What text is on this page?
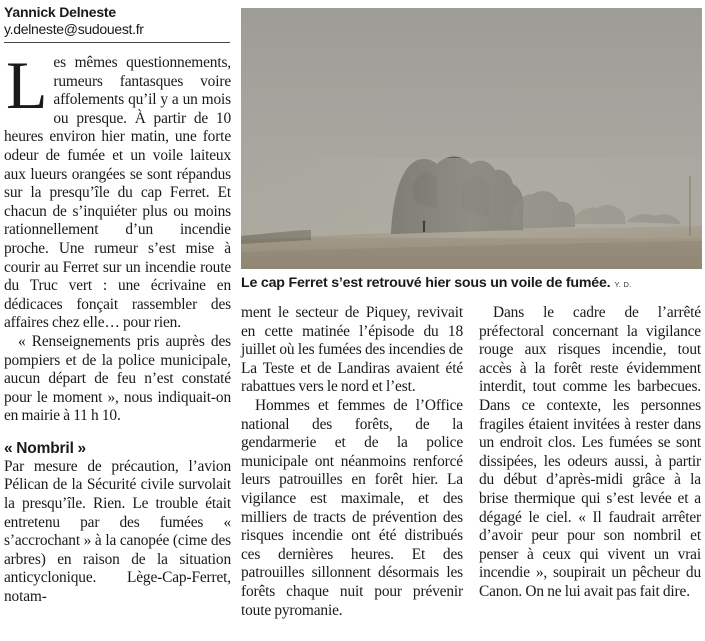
Yannick Delneste
y.delneste@sudouest.fr
L es mêmes questionnements, rumeurs fantasques voire affolements qu’il y a un mois ou presque. À partir de 10 heures environ hier matin, une forte odeur de fumée et un voile laiteux aux lueurs orangées se sont répandus sur la presqu’île du cap Ferret. Et chacun de s’inquiéter plus ou moins rationnellement d’un incendie proche. Une rumeur s’est mise à courir au Ferret sur un incendie route du Truc vert : une écrivaine en dédicaces fonçait rassembler des affaires chez elle… pour rien.

« Renseignements pris auprès des pompiers et de la police municipale, aucun départ de feu n’est constaté pour le moment », nous indiquait-on en mairie à 11 h 10.

« Nombril »

Par mesure de précaution, l’avion Pélican de la Sécurité civile survolait la presqu’île. Rien. Le trouble était entretenu par des fumées « s’accrochant » à la canopée (cime des arbres) en raison de la situation anticyclonique. Lège-Cap-Ferret, notam-

Le cap Ferret s’est retrouvé hier sous un voile de fumée. Y. D.

ment le secteur de Piquey, revivait en cette matinée l’épisode du 18 juillet où les fumées des incendies de La Teste et de Landiras avaient été rabattues vers le nord et l’est.

Hommes et femmes de l’Office national des forêts, de la gendarmerie et de la police municipale ont néanmoins renforcé leurs patrouilles en forêt hier. La vigilance est maximale, et des milliers de tracts de prévention des risques incendie ont été distribués ces dernières heures. Et des patrouilles sillonnent désormais les forêts chaque nuit pour prévenir toute pyromanie.

Dans le cadre de l’arrêté préfectoral concernant la vigilance rouge aux risques incendie, tout accès à la forêt reste évidemment interdit, tout comme les barbecues. Dans ce contexte, les personnes fragiles étaient invitées à rester dans un endroit clos. Les fumées se sont dissipées, les odeurs aussi, à partir du début d’après-midi grâce à la brise thermique qui s’est levée et a dégagé le ciel. « Il faudrait arrêter d’avoir peur pour son nombril et penser à ceux qui vivent un vrai incendie », soupirait un pêcheur du Canon. On ne lui avait pas fait dire.
